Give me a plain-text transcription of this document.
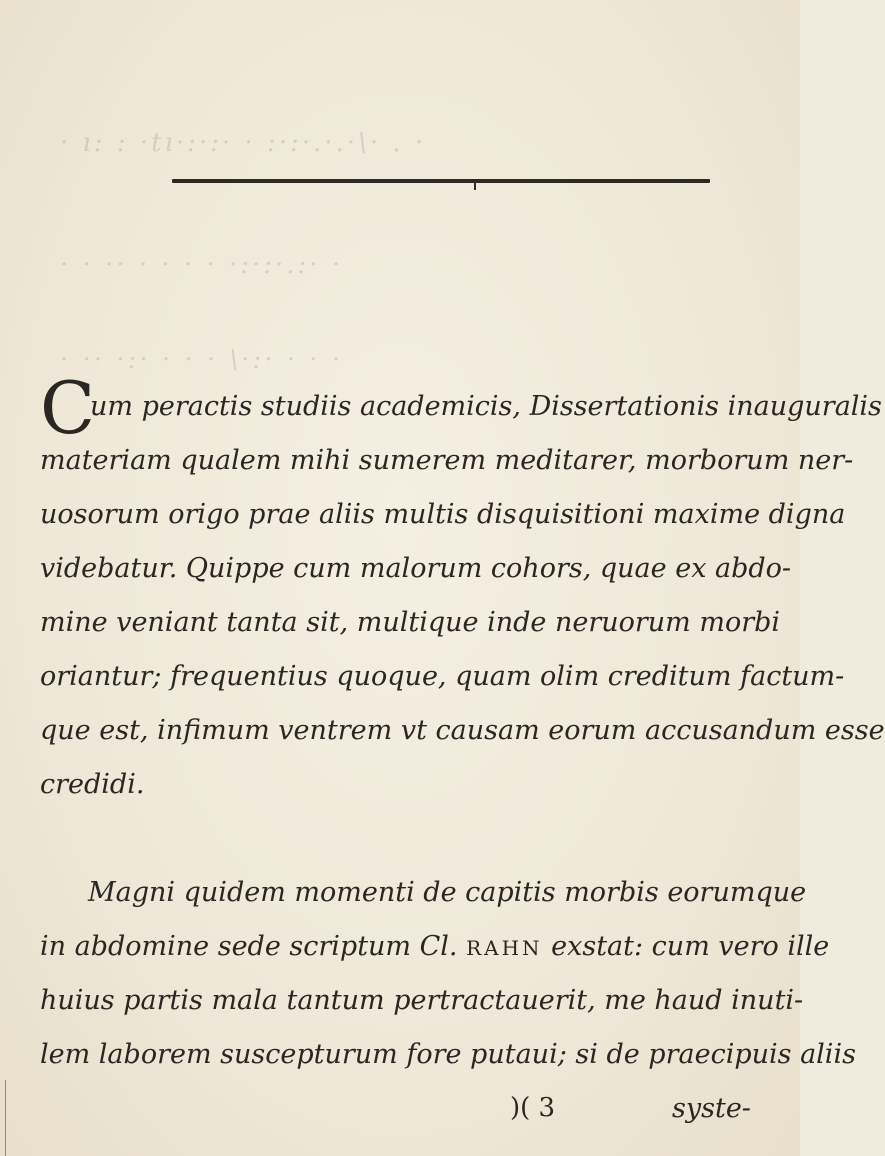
· ı: : ·tı·:·:· · :·:·.·.·\· . ·
· · ·· · · · · ·:·:·.:· ·
· ·· ·:· · · · \·:· · · ·
C
um peractis studiis academicis, Dissertationis inauguralis
materiam qualem mihi sumerem meditarer, morborum ner-
uosorum origo prae aliis multis disquisitioni maxime digna
videbatur. Quippe cum malorum cohors, quae ex abdo-
mine veniant tanta sit, multique inde neruorum morbi
oriantur; frequentius quoque, quam olim creditum factum-
que est, infimum ventrem vt causam eorum accusandum esse
credidi.
Magni quidem momenti de capitis morbis eorumque
in abdomine sede scriptum Cl. RAHN exstat: cum vero ille
huius partis mala tantum pertractauerit, me haud inuti-
lem laborem suscepturum fore putaui; si de praecipuis aliis
)( 3	syste-
